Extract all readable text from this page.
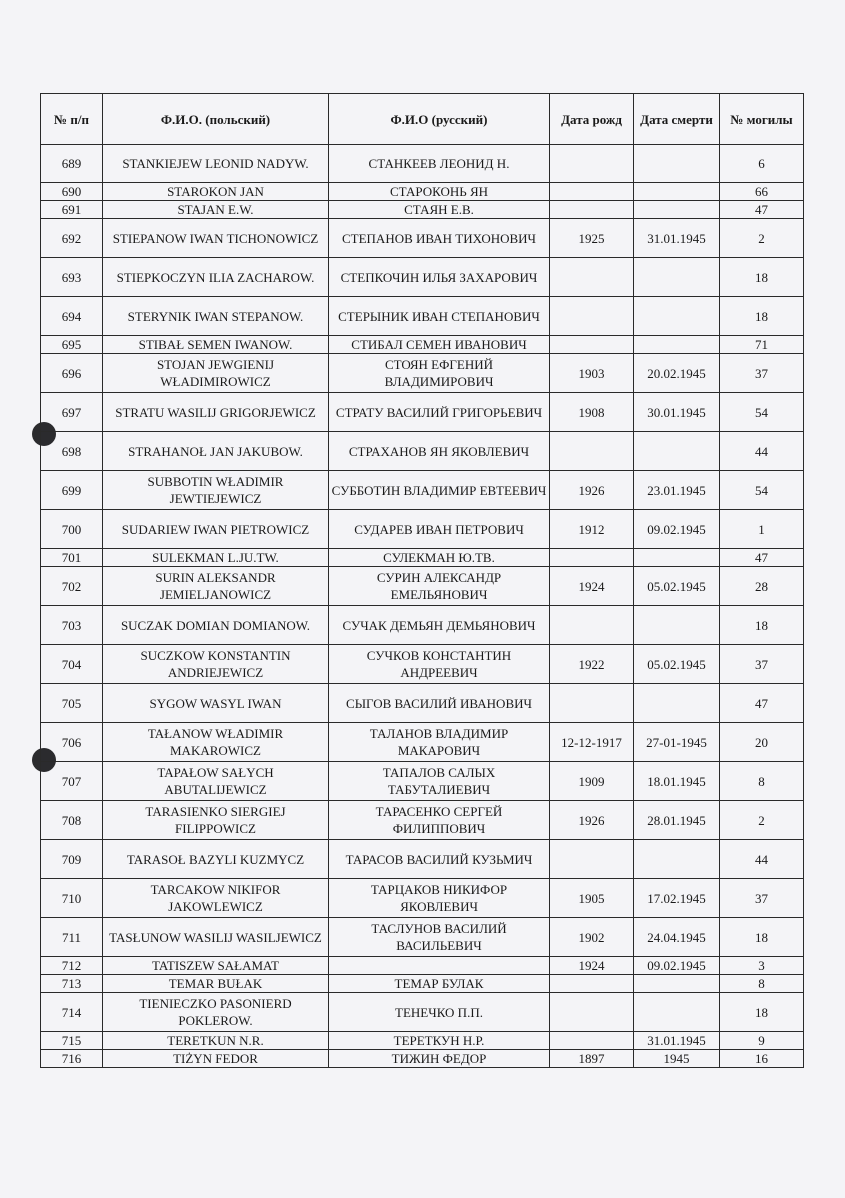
№ п/п	Ф.И.О. (польский)	Ф.И.О (русский)	Дата рожд	Дата смерти	№ могилы
689	STANKIEJEW LEONID NADYW.	СТАНКЕЕВ ЛЕОНИД Н.			6
690	STAROKON JAN	СТАРОКОНЬ ЯН			66
691	STAJAN E.W.	СТАЯН Е.В.			47
692	STIEPANOW IWAN TICHONOWICZ	СТЕПАНОВ ИВАН ТИХОНОВИЧ	1925	31.01.1945	2
693	STIEPKOCZYN ILIA ZACHAROW.	СТЕПКОЧИН ИЛЬЯ ЗАХАРОВИЧ			18
694	STERYNIK IWAN STEPANOW.	СТЕРЫНИК ИВАН СТЕПАНОВИЧ			18
695	STIBAŁ SEMEN IWANOW.	СТИБАЛ СЕМЕН ИВАНОВИЧ			71
696	STOJAN JEWGIENIJ WŁADIMIROWICZ	СТОЯН ЕФГЕНИЙ ВЛАДИМИРОВИЧ	1903	20.02.1945	37
697	STRATU WASILIJ GRIGORJEWICZ	СТРАТУ ВАСИЛИЙ ГРИГОРЬЕВИЧ	1908	30.01.1945	54
698	STRAHANOŁ JAN JAKUBOW.	СТРАХАНОВ ЯН ЯКОВЛЕВИЧ			44
699	SUBBOTIN WŁADIMIR JEWTIEJEWICZ	СУББОТИН ВЛАДИМИР ЕВТЕЕВИЧ	1926	23.01.1945	54
700	SUDARIEW IWAN PIETROWICZ	СУДАРЕВ ИВАН ПЕТРОВИЧ	1912	09.02.1945	1
701	SULEKMAN L.JU.TW.	СУЛЕКМАН Ю.ТВ.			47
702	SURIN ALEKSANDR JEMIELJANOWICZ	СУРИН АЛЕКСАНДР ЕМЕЛЬЯНОВИЧ	1924	05.02.1945	28
703	SUCZAK DOMIAN DOMIANOW.	СУЧАК ДЕМЬЯН ДЕМЬЯНОВИЧ			18
704	SUCZKOW KONSTANTIN ANDRIEJEWICZ	СУЧКОВ КОНСТАНТИН АНДРЕЕВИЧ	1922	05.02.1945	37
705	SYGOW WASYL IWAN	СЫГОВ ВАСИЛИЙ ИВАНОВИЧ			47
706	TAŁANOW WŁADIMIR MAKAROWICZ	ТАЛАНОВ ВЛАДИМИР МАКАРОВИЧ	12-12-1917	27-01-1945	20
707	TAPAŁOW SAŁYCH ABUTALIJEWICZ	ТАПАЛОВ САЛЫХ ТАБУТАЛИЕВИЧ	1909	18.01.1945	8
708	TARASIENKO SIERGIEJ FILIPPOWICZ	ТАРАСЕНКО СЕРГЕЙ ФИЛИППОВИЧ	1926	28.01.1945	2
709	TARASOŁ BAZYLI KUZMYCZ	ТАРАСОВ ВАСИЛИЙ КУЗЬМИЧ			44
710	TARCAKOW NIKIFOR JAKOWLEWICZ	ТАРЦАКОВ НИКИФОР ЯКОВЛЕВИЧ	1905	17.02.1945	37
711	TASŁUNOW WASILIJ WASILJEWICZ	ТАСЛУНОВ ВАСИЛИЙ ВАСИЛЬЕВИЧ	1902	24.04.1945	18
712	TATISZEW SAŁAMAT		1924	09.02.1945	3
713	TEMAR BUŁAK	ТЕМАР БУЛАК			8
714	TIENIECZKO PASONIERD POKLEROW.	ТЕНЕЧКО П.П.			18
715	TERETKUN N.R.	ТЕРЕТКУН Н.Р.		31.01.1945	9
716	TIŻYN FEDOR	ТИЖИН ФЕДОР	1897	1945	16
